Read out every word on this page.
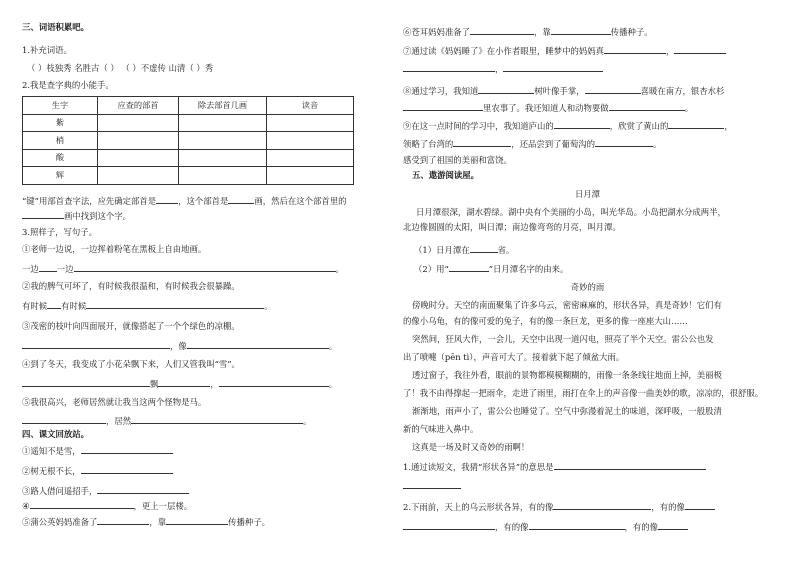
三、词语积累吧。
1.补充词语。
（ ）枝独秀 名胜古（ ） （ ）不虚传 山清（ ）秀
2.我是查字典的小能手。
生字	应查的部首	除去部首几画	读音
紫			
梢			
酸			
辉			
“键”用部首查字法，应先确定部首是	，这个部首是	画，然后在这个部首里的
画中找到这个字。
3.照样子，写句子。
①老师一边说，一边挥着粉笔在黑板上自由地画。
一边 一边	。
②我的脾气可坏了，有时候我很温和，有时候我会很暴躁。
有时候 有时候	。
③茂密的枝叶向四面展开，就像搭起了一个个绿色的凉棚。
，像	。
④到了冬天，我变成了小花朵飘下来，人们又管我叫“雪”。
飘	，	。
⑤我很高兴，老师居然就让我当这两个怪物是马。
，居然	。
四、课文回放站。
①遥知不是雪，
②树无根不长，
③路人借问遥招手，
④	，更上一层楼。
⑤蒲公英妈妈准备了	，靠	传播种子。
⑥苍耳妈妈准备了	，靠	传播种子。
⑦通过读《妈妈睡了》在小作者眼里，睡梦中的妈妈真	，
，
⑧通过学习，我知道	树叶像手掌，	喜暖在南方，银杏水杉
里农事了。我还知道人和动物要做	。
⑨在这一点时间的学习中，我知道庐山的	，欣赏了黄山的	，
领略了台湾的	，还品尝到了葡萄沟的	。
感受到了祖国的美丽和富饶。
五、遨游阅读屋。
日月潭
日月潭很深，湖水碧绿。湖中央有个美丽的小岛，叫光华岛。小岛把湖水分成两半，
北边像圆圆的太阳，叫日潭；南边像弯弯的月亮，叫月潭。
（1）日月潭在	省。
（2）用“	”日月潭名字的由来。
奇妙的雨
傍晚时分。天空的南面聚集了许多乌云，密密麻麻的，形状各异，真是奇妙！它们有
的像小乌龟，有的像可爱的兔子，有的像一条巨龙，更多的像一座座大山……
突然间，狂风大作，一会儿，天空中出现一道闪电，照亮了半个天空。雷公公也发
出了喷嚏（pēn tì），声音可大了。接着就下起了倾盆大雨。
透过窗子，我往外看，眼前的景物都模模糊糊的，雨像一条条线往地面上掉，美丽极
了！我不由得撑起一把雨伞，走进了雨里，雨打在伞上的声音像一曲美妙的歌，凉凉的，很舒服。
渐渐地，雨声小了，雷公公也睡觉了。空气中弥漫着泥土的味道，深呼吸，一般股清
新的气味进入鼻中。
这真是一场及时又奇妙的雨啊！
1.通过读短文，我猜“形状各异”的意思是
2.下雨前，天上的乌云形状各异，有的像	，有的像
，有的像	，有的像
